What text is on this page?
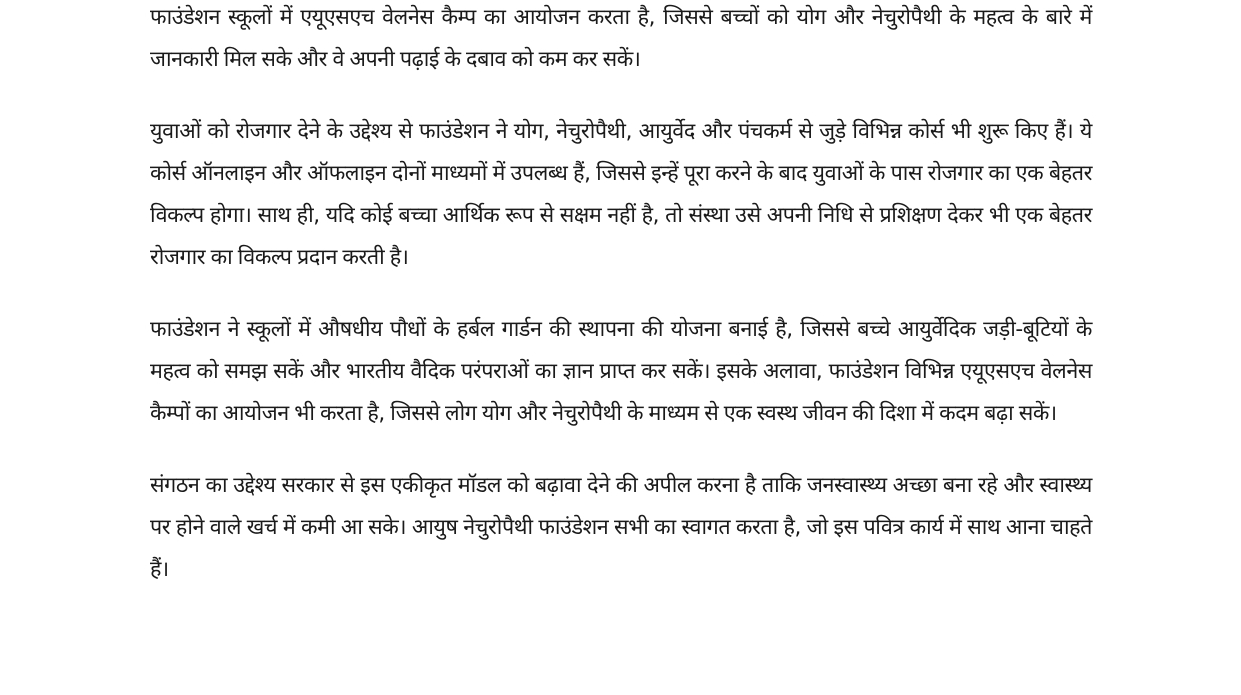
फाउंडेशन स्कूलों में एयूएसएच वेलनेस कैम्प का आयोजन करता है, जिससे बच्चों को योग और नेचुरोपैथी के महत्व के बारे में जानकारी मिल सके और वे अपनी पढ़ाई के दबाव को कम कर सकें।

युवाओं को रोजगार देने के उद्देश्य से फाउंडेशन ने योग, नेचुरोपैथी, आयुर्वेद और पंचकर्म से जुड़े विभिन्न कोर्स भी शुरू किए हैं। ये कोर्स ऑनलाइन और ऑफलाइन दोनों माध्यमों में उपलब्ध हैं, जिससे इन्हें पूरा करने के बाद युवाओं के पास रोजगार का एक बेहतर विकल्प होगा। साथ ही, यदि कोई बच्चा आर्थिक रूप से सक्षम नहीं है, तो संस्था उसे अपनी निधि से प्रशिक्षण देकर भी एक बेहतर रोजगार का विकल्प प्रदान करती है।

फाउंडेशन ने स्कूलों में औषधीय पौधों के हर्बल गार्डन की स्थापना की योजना बनाई है, जिससे बच्चे आयुर्वेदिक जड़ी-बूटियों के महत्व को समझ सकें और भारतीय वैदिक परंपराओं का ज्ञान प्राप्त कर सकें। इसके अलावा, फाउंडेशन विभिन्न एयूएसएच वेलनेस कैम्पों का आयोजन भी करता है, जिससे लोग योग और नेचुरोपैथी के माध्यम से एक स्वस्थ जीवन की दिशा में कदम बढ़ा सकें।

संगठन का उद्देश्य सरकार से इस एकीकृत मॉडल को बढ़ावा देने की अपील करना है ताकि जनस्वास्थ्य अच्छा बना रहे और स्वास्थ्य पर होने वाले खर्च में कमी आ सके। आयुष नेचुरोपैथी फाउंडेशन सभी का स्वागत करता है, जो इस पवित्र कार्य में साथ आना चाहते हैं।
